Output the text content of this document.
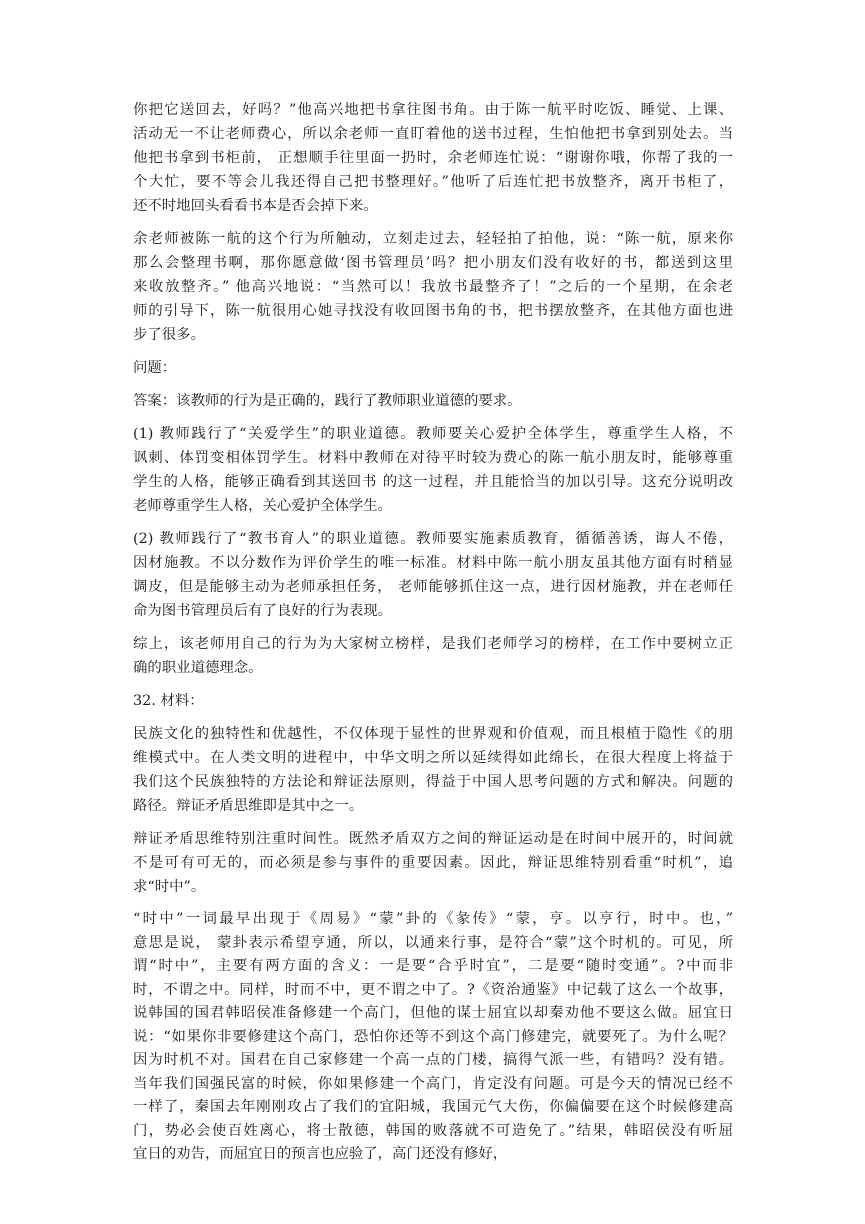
你把它送回去，好吗？”他高兴地把书拿往图书角。由于陈一航平时吃饭、睡觉、上课、
活动无一不让老师费心，所以余老师一直盯着他的送书过程，生怕他把书拿到别处去。当
他把书拿到书柜前， 正想顺手往里面一扔时，余老师连忙说：“谢谢你哦，你帮了我的一
个大忙，要不等会儿我还得自己把书整理好。”他听了后连忙把书放整齐，离开书柜了，
还不时地回头看看书本是否会掉下来。
余老师被陈一航的这个行为所触动，立刻走过去，轻轻拍了拍他，说：“陈一航，原来你
那么会整理书啊，那你愿意做‘图书管理员’吗？把小朋友们没有收好的书，都送到这里
来收放整齐。” 他高兴地说：“当然可以！我放书最整齐了！”之后的一个星期，在余老
师的引导下，陈一航很用心她寻找没有收回图书角的书，把书摆放整齐，在其他方面也进
步了很多。
问题：
答案：该教师的行为是正确的，践行了教师职业道德的要求。
(1) 教师践行了“关爱学生”的职业道德。教师要关心爱护全体学生，尊重学生人格，不
讽刺、体罚变相体罚学生。材料中教师在对待平时较为费心的陈一航小朋友时，能够尊重
学生的人格，能够正确看到其送回书 的这一过程，并且能恰当的加以引导。这充分说明改
老师尊重学生人格，关心爱护全体学生。
(2) 教师践行了“教书育人”的职业道德。教师要实施素质教育，循循善诱，诲人不倦，
因材施教。不以分数作为评价学生的唯一标准。材料中陈一航小朋友虽其他方面有时稍显
调皮，但是能够主动为老师承担任务， 老师能够抓住这一点，进行因材施教，并在老师任
命为图书管理员后有了良好的行为表现。
综上，该老师用自己的行为为大家树立榜样，是我们老师学习的榜样，在工作中要树立正
确的职业道德理念。
32. 材料：
民族文化的独特性和优越性，不仅体现于显性的世界观和价值观，而且根植于隐性《的朋
维模式中。在人类文明的进程中，中华文明之所以延续得如此绵长，在很大程度上将益于
我们这个民族独特的方法论和辩证法原则，得益于中国人思考问题的方式和解决。问题的
路径。辩证矛盾思维即是其中之一。
辩证矛盾思维特别注重时间性。既然矛盾双方之间的辩证运动是在时间中展开的，时间就
不是可有可无的，而必须是参与事件的重要因素。因此，辩证思维特别看重“时机”，追
求“时中”。
“时中”一词最早出现于《周易》“蒙”卦的《彖传》“蒙，亨。以亨行，时中。也，”
意思是说， 蒙卦表示希望亨通，所以，以通来行事，是符合“蒙”这个时机的。可见，所
谓“时中”，主要有两方面的含义：一是要“合乎时宜”，二是要“随时变通”。?中而非
时，不谓之中。同样，时而不中，更不谓之中了。?《资治通鉴》中记载了这么一个故事，
说韩国的国君韩昭侯准备修建一个高门，但他的谋士屈宜以却秦劝他不要这么做。屈宜日
说：“如果你非要修建这个高门，恐怕你还等不到这个高门修建完，就要死了。为什么呢？
因为时机不对。国君在自己家修建一个高一点的门楼，搞得气派一些，有错吗？没有错。
当年我们国强民富的时候，你如果修建一个高门，肯定没有问题。可是今天的情况已经不
一样了，秦国去年刚刚攻占了我们的宜阳城，我国元气大伤，你偏偏要在这个时候修建高
门，势必会使百姓离心，将士散德，韩国的败落就不可造免了。”结果，韩昭侯没有听屈
宜日的劝告，而屈宜日的预言也应验了，高门还没有修好，
